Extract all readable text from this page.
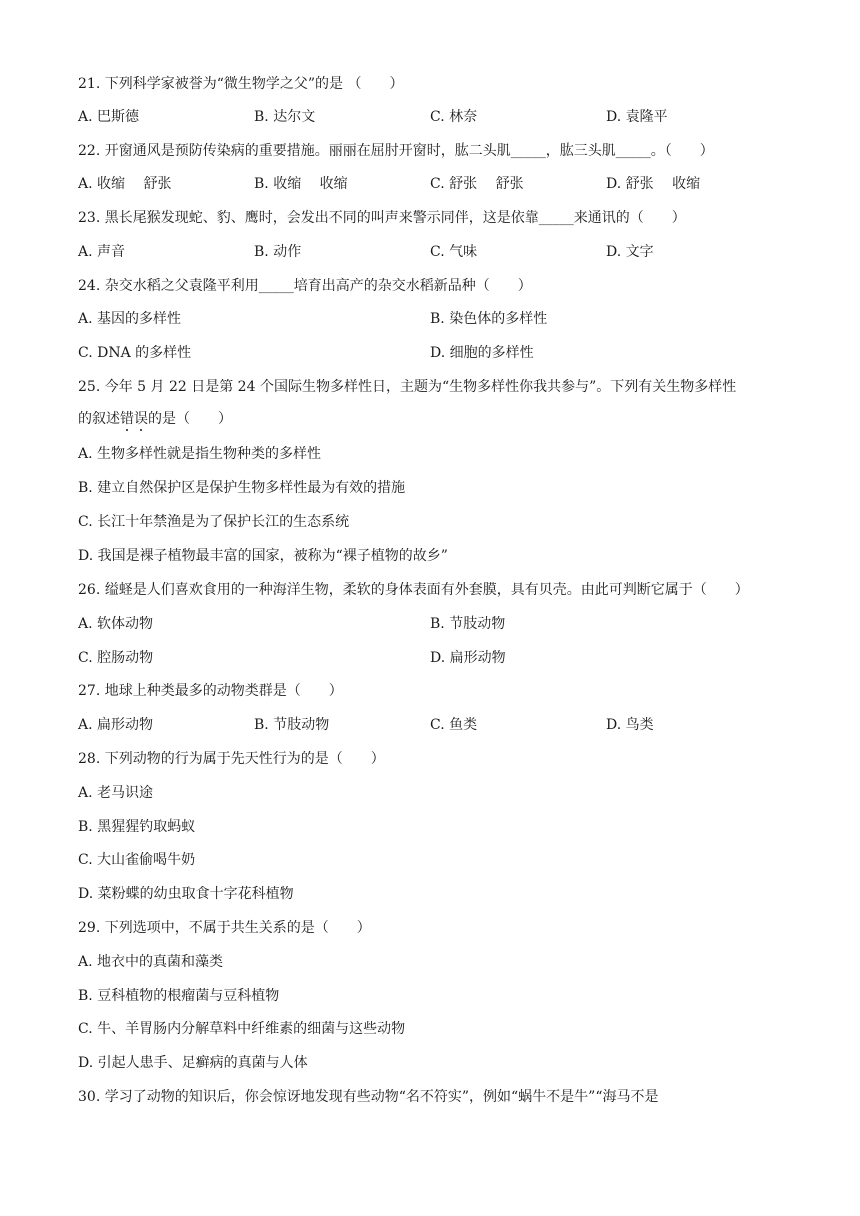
21. 下列科学家被誉为“微生物学之父”的是 （　　）
A. 巴斯德	B. 达尔文	C. 林奈	D. 袁隆平
22. 开窗通风是预防传染病的重要措施。丽丽在屈肘开窗时，肱二头肌_____，肱三头肌_____。（　　）
A. 收缩　 舒张	B. 收缩　 收缩	C. 舒张　 舒张	D. 舒张　 收缩
23. 黑长尾猴发现蛇、豹、鹰时，会发出不同的叫声来警示同伴，这是依靠_____来通讯的（　　）
A. 声音	B. 动作	C. 气味	D. 文字
24. 杂交水稻之父袁隆平利用_____培育出高产的杂交水稻新品种（　　）
A. 基因的多样性	B. 染色体的多样性
C. DNA 的多样性	D. 细胞的多样性
25. 今年 5 月 22 日是第 24 个国际生物多样性日，主题为“生物多样性你我共参与”。下列有关生物多样性
的叙述错误的是（　　）
A. 生物多样性就是指生物种类的多样性
B. 建立自然保护区是保护生物多样性最为有效的措施
C. 长江十年禁渔是为了保护长江的生态系统
D. 我国是裸子植物最丰富的国家，被称为“裸子植物的故乡”
26. 缢蛏是人们喜欢食用的一种海洋生物，柔软的身体表面有外套膜，具有贝壳。由此可判断它属于（　　）
A. 软体动物	B. 节肢动物
C. 腔肠动物	D. 扁形动物
27. 地球上种类最多的动物类群是（　　）
A. 扁形动物	B. 节肢动物	C. 鱼类	D. 鸟类
28. 下列动物的行为属于先天性行为的是（　　）
A. 老马识途
B. 黑猩猩钓取蚂蚁
C. 大山雀偷喝牛奶
D. 菜粉蝶的幼虫取食十字花科植物
29. 下列选项中，不属于共生关系的是（　　）
A. 地衣中的真菌和藻类
B. 豆科植物的根瘤菌与豆科植物
C. 牛、羊胃肠内分解草料中纤维素的细菌与这些动物
D. 引起人患手、足癣病的真菌与人体
30. 学习了动物的知识后，你会惊讶地发现有些动物“名不符实”，例如“蜗牛不是牛”“海马不是
